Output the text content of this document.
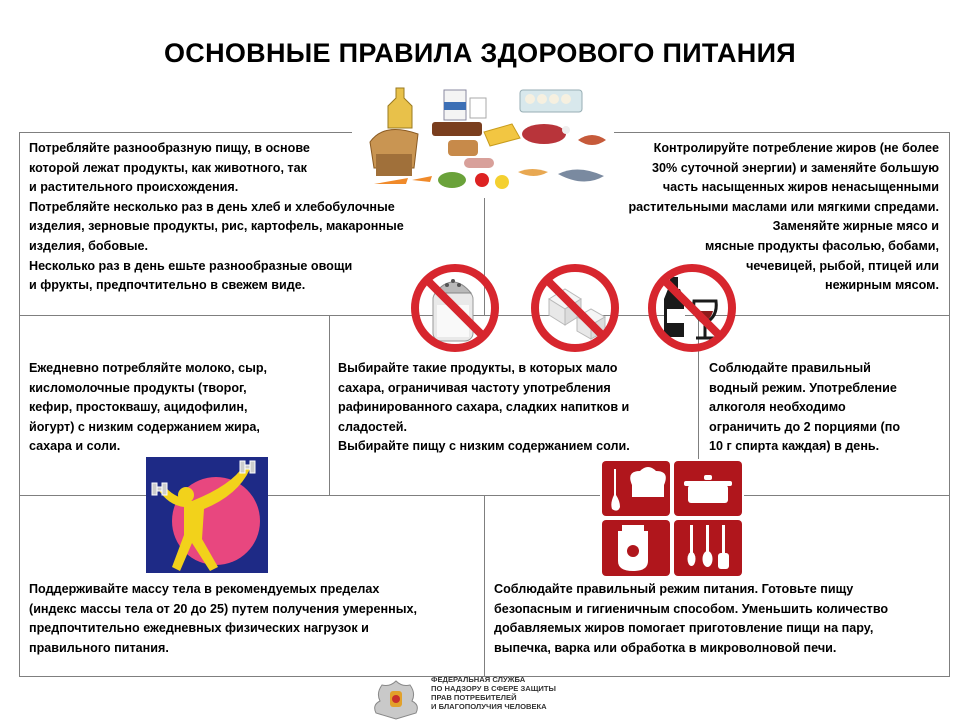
ОСНОВНЫЕ ПРАВИЛА ЗДОРОВОГО ПИТАНИЯ

Потребляйте разнообразную пищу, в основе

которой лежат продукты, как животного, так

и растительного происхождения.

Потребляйте несколько раз в день хлеб и хлебобулочные

изделия, зерновые продукты, рис, картофель, макаронные

изделия, бобовые.

Несколько раз в день ешьте разнообразные овощи

и фрукты, предпочтительно в свежем виде.

Контролируйте потребление жиров (не более

30% суточной энергии) и заменяйте большую

часть насыщенных жиров ненасыщенными

растительными маслами или мягкими спредами.

Заменяйте жирные мясо и

мясные продукты фасолью, бобами,

чечевицей, рыбой, птицей или

нежирным мясом.

Ежедневно потребляйте молоко, сыр,

кисломолочные продукты (творог,

кефир, простоквашу, ацидофилин,

йогурт) с низким содержанием жира,

сахара и соли.

Выбирайте такие продукты, в которых мало

сахара, ограничивая частоту употребления

рафинированного сахара, сладких напитков и

сладостей.

Выбирайте пищу с низким содержанием соли.

Соблюдайте правильный

водный режим. Употребление

алкоголя необходимо

ограничить до 2 порциями (по

10 г спирта каждая) в день.

Поддерживайте массу тела в рекомендуемых пределах

(индекс массы тела от 20 до 25) путем получения умеренных,

предпочтительно ежедневных физических нагрузок и

правильного питания.

Соблюдайте правильный режим питания. Готовьте пищу

безопасным и гигиеничным способом. Уменьшить количество

добавляемых жиров помогает приготовление пищи на пару,

выпечка, варка или обработка в микроволновой печи.

ФЕДЕРАЛЬНАЯ СЛУЖБА
ПО НАДЗОРУ В СФЕРЕ ЗАЩИТЫ
ПРАВ ПОТРЕБИТЕЛЕЙ
И БЛАГОПОЛУЧИЯ ЧЕЛОВЕКА
